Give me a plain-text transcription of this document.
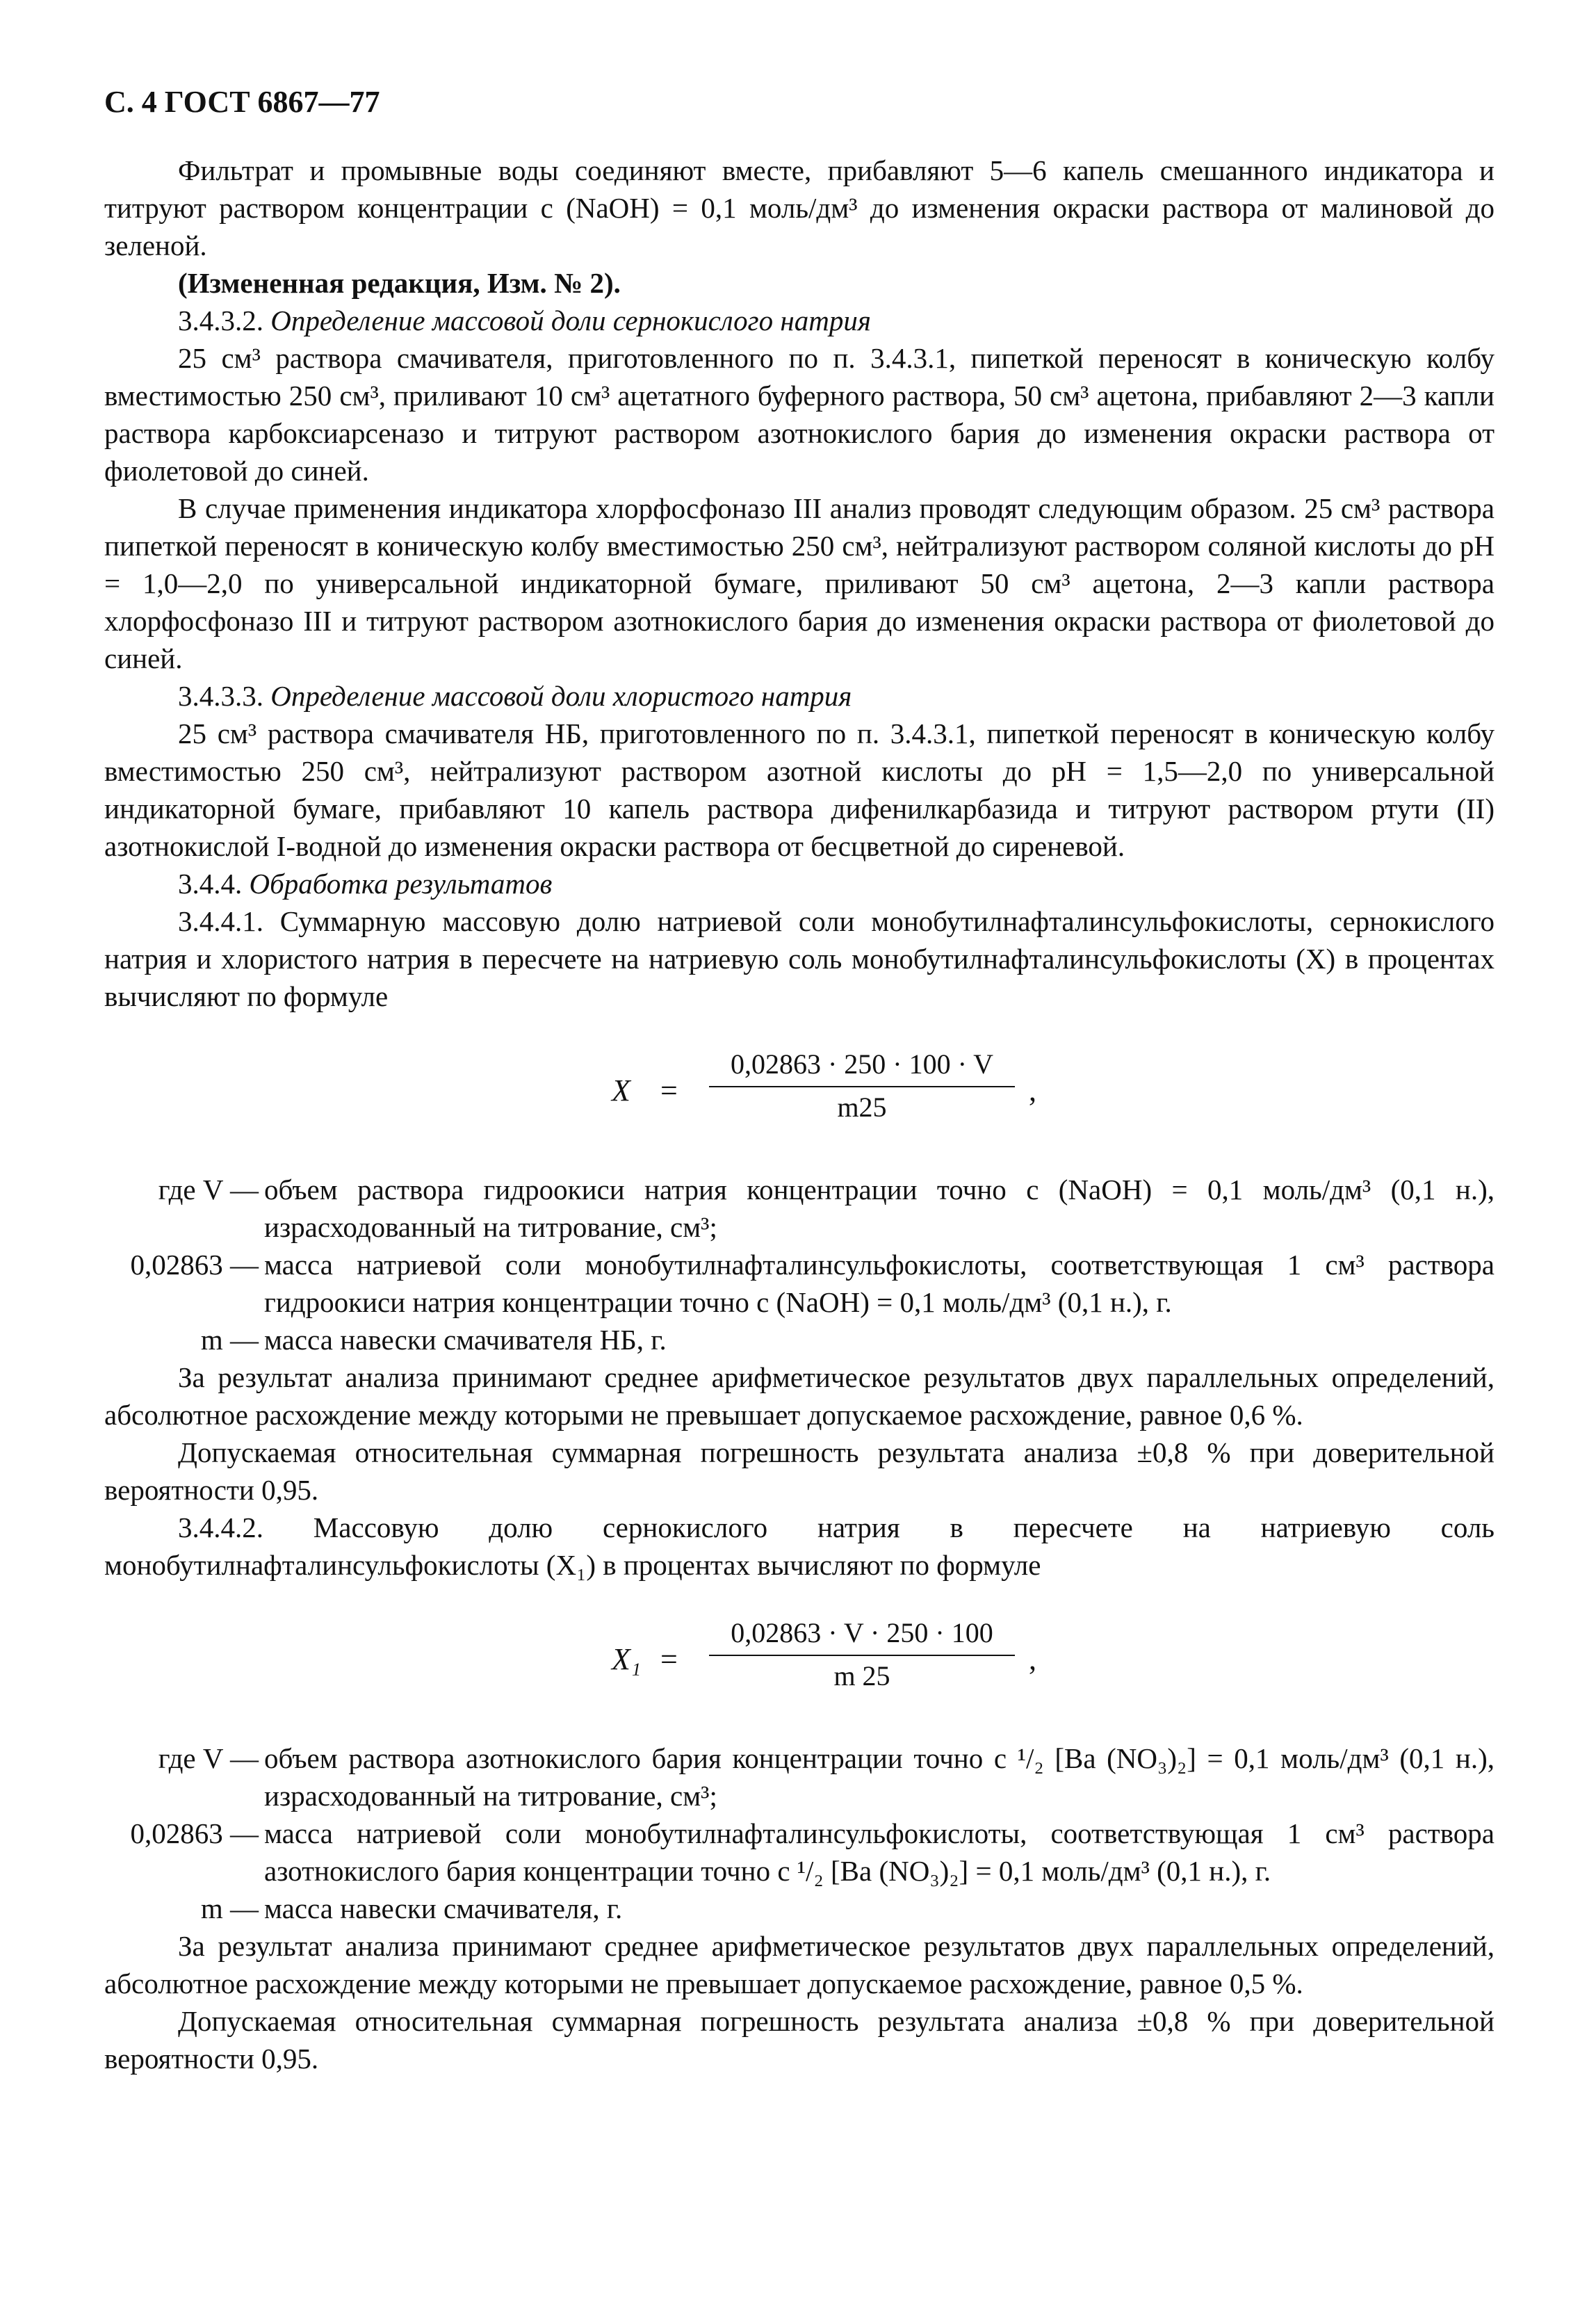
С. 4 ГОСТ 6867—77

Фильтрат и промывные воды соединяют вместе, прибавляют 5—6 капель смешанного индикатора и титруют раствором концентрации c (NaOH) = 0,1 моль/дм³ до изменения окраски раствора от малиновой до зеленой.

(Измененная редакция, Изм. № 2).

3.4.3.2. Определение массовой доли сернокислого натрия

25 см³ раствора смачивателя, приготовленного по п. 3.4.3.1, пипеткой переносят в коническую колбу вместимостью 250 см³, приливают 10 см³ ацетатного буферного раствора, 50 см³ ацетона, прибавляют 2—3 капли раствора карбоксиарсеназо и титруют раствором азотнокислого бария до изменения окраски раствора от фиолетовой до синей.

В случае применения индикатора хлорфосфоназо III анализ проводят следующим образом. 25 см³ раствора пипеткой переносят в коническую колбу вместимостью 250 см³, нейтрализуют раствором соляной кислоты до pH = 1,0—2,0 по универсальной индикаторной бумаге, приливают 50 см³ ацетона, 2—3 капли раствора хлорфосфоназо III и титруют раствором азотнокислого бария до изменения окраски раствора от фиолетовой до синей.

3.4.3.3. Определение массовой доли хлористого натрия

25 см³ раствора смачивателя НБ, приготовленного по п. 3.4.3.1, пипеткой переносят в коническую колбу вместимостью 250 см³, нейтрализуют раствором азотной кислоты до pH = 1,5—2,0 по универсальной индикаторной бумаге, прибавляют 10 капель раствора дифенилкарбазида и титруют раствором ртути (II) азотнокислой I-водной до изменения окраски раствора от бесцветной до сиреневой.

3.4.4. Обработка результатов

3.4.4.1. Суммарную массовую долю натриевой соли монобутилнафталинсульфокислоты, сернокислого натрия и хлористого натрия в пересчете на натриевую соль монобутилнафталинсульфокислоты (X) в процентах вычисляют по формуле

$X = \frac{0,02863 \cdot 250 \cdot 100 \cdot V}{m25}$ ,
где V — объем раствора гидроокиси натрия концентрации точно c (NaOH) = 0,1 моль/дм³ (0,1 н.), израсходованный на титрование, см³;
0,02863 — масса натриевой соли монобутилнафталинсульфокислоты, соответствующая 1 см³ раствора гидроокиси натрия концентрации точно c (NaOH) = 0,1 моль/дм³ (0,1 н.), г.
m — масса навески смачивателя НБ, г.

За результат анализа принимают среднее арифметическое результатов двух параллельных определений, абсолютное расхождение между которыми не превышает допускаемое расхождение, равное 0,6 %.

Допускаемая относительная суммарная погрешность результата анализа ±0,8 % при доверительной вероятности 0,95.

3.4.4.2. Массовую долю сернокислого натрия в пересчете на натриевую соль монобутилнафталинсульфокислоты (X₁) в процентах вычисляют по формуле

$X_1 = \frac{0,02863 \cdot V \cdot 250 \cdot 100}{m 25}$ ,
где V — объем раствора азотнокислого бария концентрации точно c ¹/₂ [Ba (NO₃)₂] = 0,1 моль/дм³ (0,1 н.), израсходованный на титрование, см³;
0,02863 — масса натриевой соли монобутилнафталинсульфокислоты, соответствующая 1 см³ раствора азотнокислого бария концентрации точно c ¹/₂ [Ba (NO₃)₂] = 0,1 моль/дм³ (0,1 н.), г.
m — масса навески смачивателя, г.

За результат анализа принимают среднее арифметическое результатов двух параллельных определений, абсолютное расхождение между которыми не превышает допускаемое расхождение, равное 0,5 %.

Допускаемая относительная суммарная погрешность результата анализа ±0,8 % при доверительной вероятности 0,95.
